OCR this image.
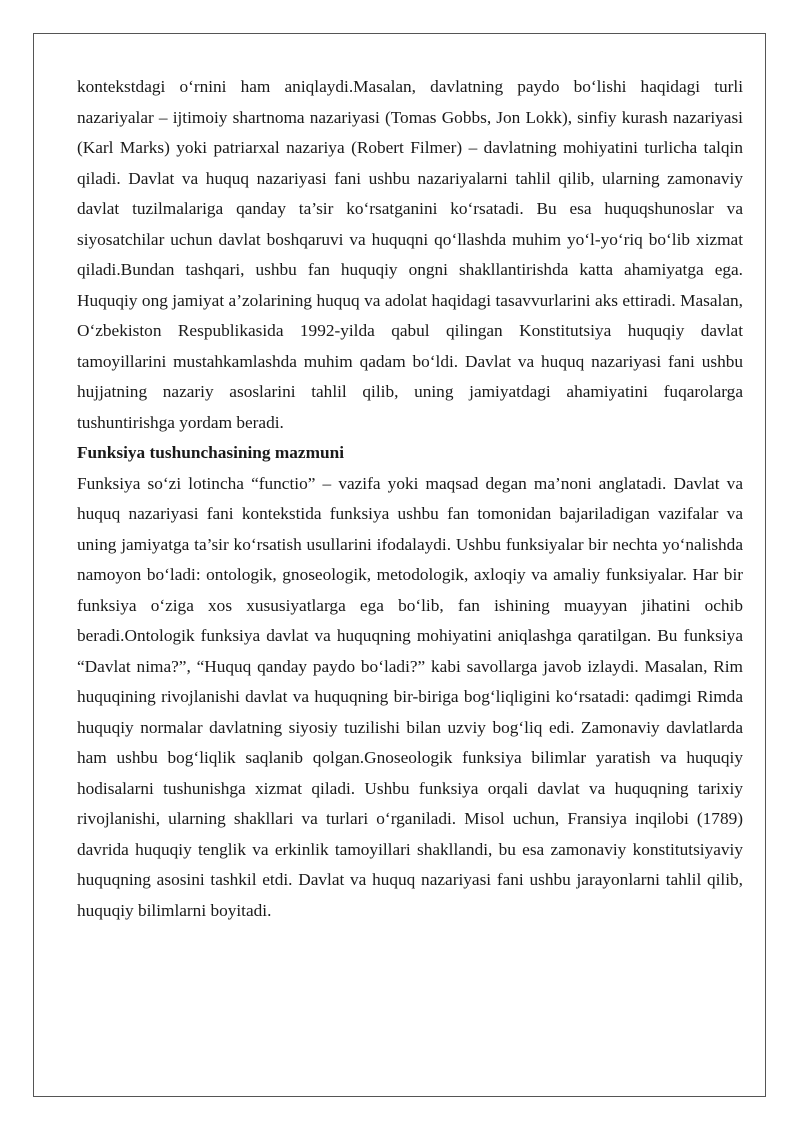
kontekstdagi o‘rnini ham aniqlaydi.Masalan, davlatning paydo bo‘lishi haqidagi turli nazariyalar – ijtimoiy shartnoma nazariyasi (Tomas Gobbs, Jon Lokk), sinfiy kurash nazariyasi (Karl Marks) yoki patriarxal nazariya (Robert Filmer) – davlatning mohiyatini turlicha talqin qiladi. Davlat va huquq nazariyasi fani ushbu nazariyalarni tahlil qilib, ularning zamonaviy davlat tuzilmalariga qanday ta’sir ko‘rsatganini ko‘rsatadi. Bu esa huquqshunoslar va siyosatchilar uchun davlat boshqaruvi va huquqni qo‘llashda muhim yo‘l-yo‘riq bo‘lib xizmat qiladi.Bundan tashqari, ushbu fan huquqiy ongni shakllantirishda katta ahamiyatga ega. Huquqiy ong jamiyat a’zolarining huquq va adolat haqidagi tasavvurlarini aks ettiradi. Masalan, O‘zbekiston Respublikasida 1992-yilda qabul qilingan Konstitutsiya huquqiy davlat tamoyillarini mustahkamlashda muhim qadam bo‘ldi. Davlat va huquq nazariyasi fani ushbu hujjatning nazariy asoslarini tahlil qilib, uning jamiyatdagi ahamiyatini fuqarolarga tushuntirishga yordam beradi.

Funksiya tushunchasining mazmuni

Funksiya so‘zi lotincha “functio” – vazifa yoki maqsad degan ma’noni anglatadi. Davlat va huquq nazariyasi fani kontekstida funksiya ushbu fan tomonidan bajariladigan vazifalar va uning jamiyatga ta’sir ko‘rsatish usullarini ifodalaydi. Ushbu funksiyalar bir nechta yo‘nalishda namoyon bo‘ladi: ontologik, gnoseologik, metodologik, axloqiy va amaliy funksiyalar. Har bir funksiya o‘ziga xos xususiyatlarga ega bo‘lib, fan ishining muayyan jihatini ochib beradi.Ontologik funksiya davlat va huquqning mohiyatini aniqlashga qaratilgan. Bu funksiya “Davlat nima?”, “Huquq qanday paydo bo‘ladi?” kabi savollarga javob izlaydi. Masalan, Rim huquqining rivojlanishi davlat va huquqning bir-biriga bog‘liqligini ko‘rsatadi: qadimgi Rimda huquqiy normalar davlatning siyosiy tuzilishi bilan uzviy bog‘liq edi. Zamonaviy davlatlarda ham ushbu bog‘liqlik saqlanib qolgan.Gnoseologik funksiya bilimlar yaratish va huquqiy hodisalarni tushunishga xizmat qiladi. Ushbu funksiya orqali davlat va huquqning tarixiy rivojlanishi, ularning shakllari va turlari o‘rganiladi. Misol uchun, Fransiya inqilobi (1789) davrida huquqiy tenglik va erkinlik tamoyillari shakllandi, bu esa zamonaviy konstitutsiyaviy huquqning asosini tashkil etdi. Davlat va huquq nazariyasi fani ushbu jarayonlarni tahlil qilib, huquqiy bilimlarni boyitadi.
